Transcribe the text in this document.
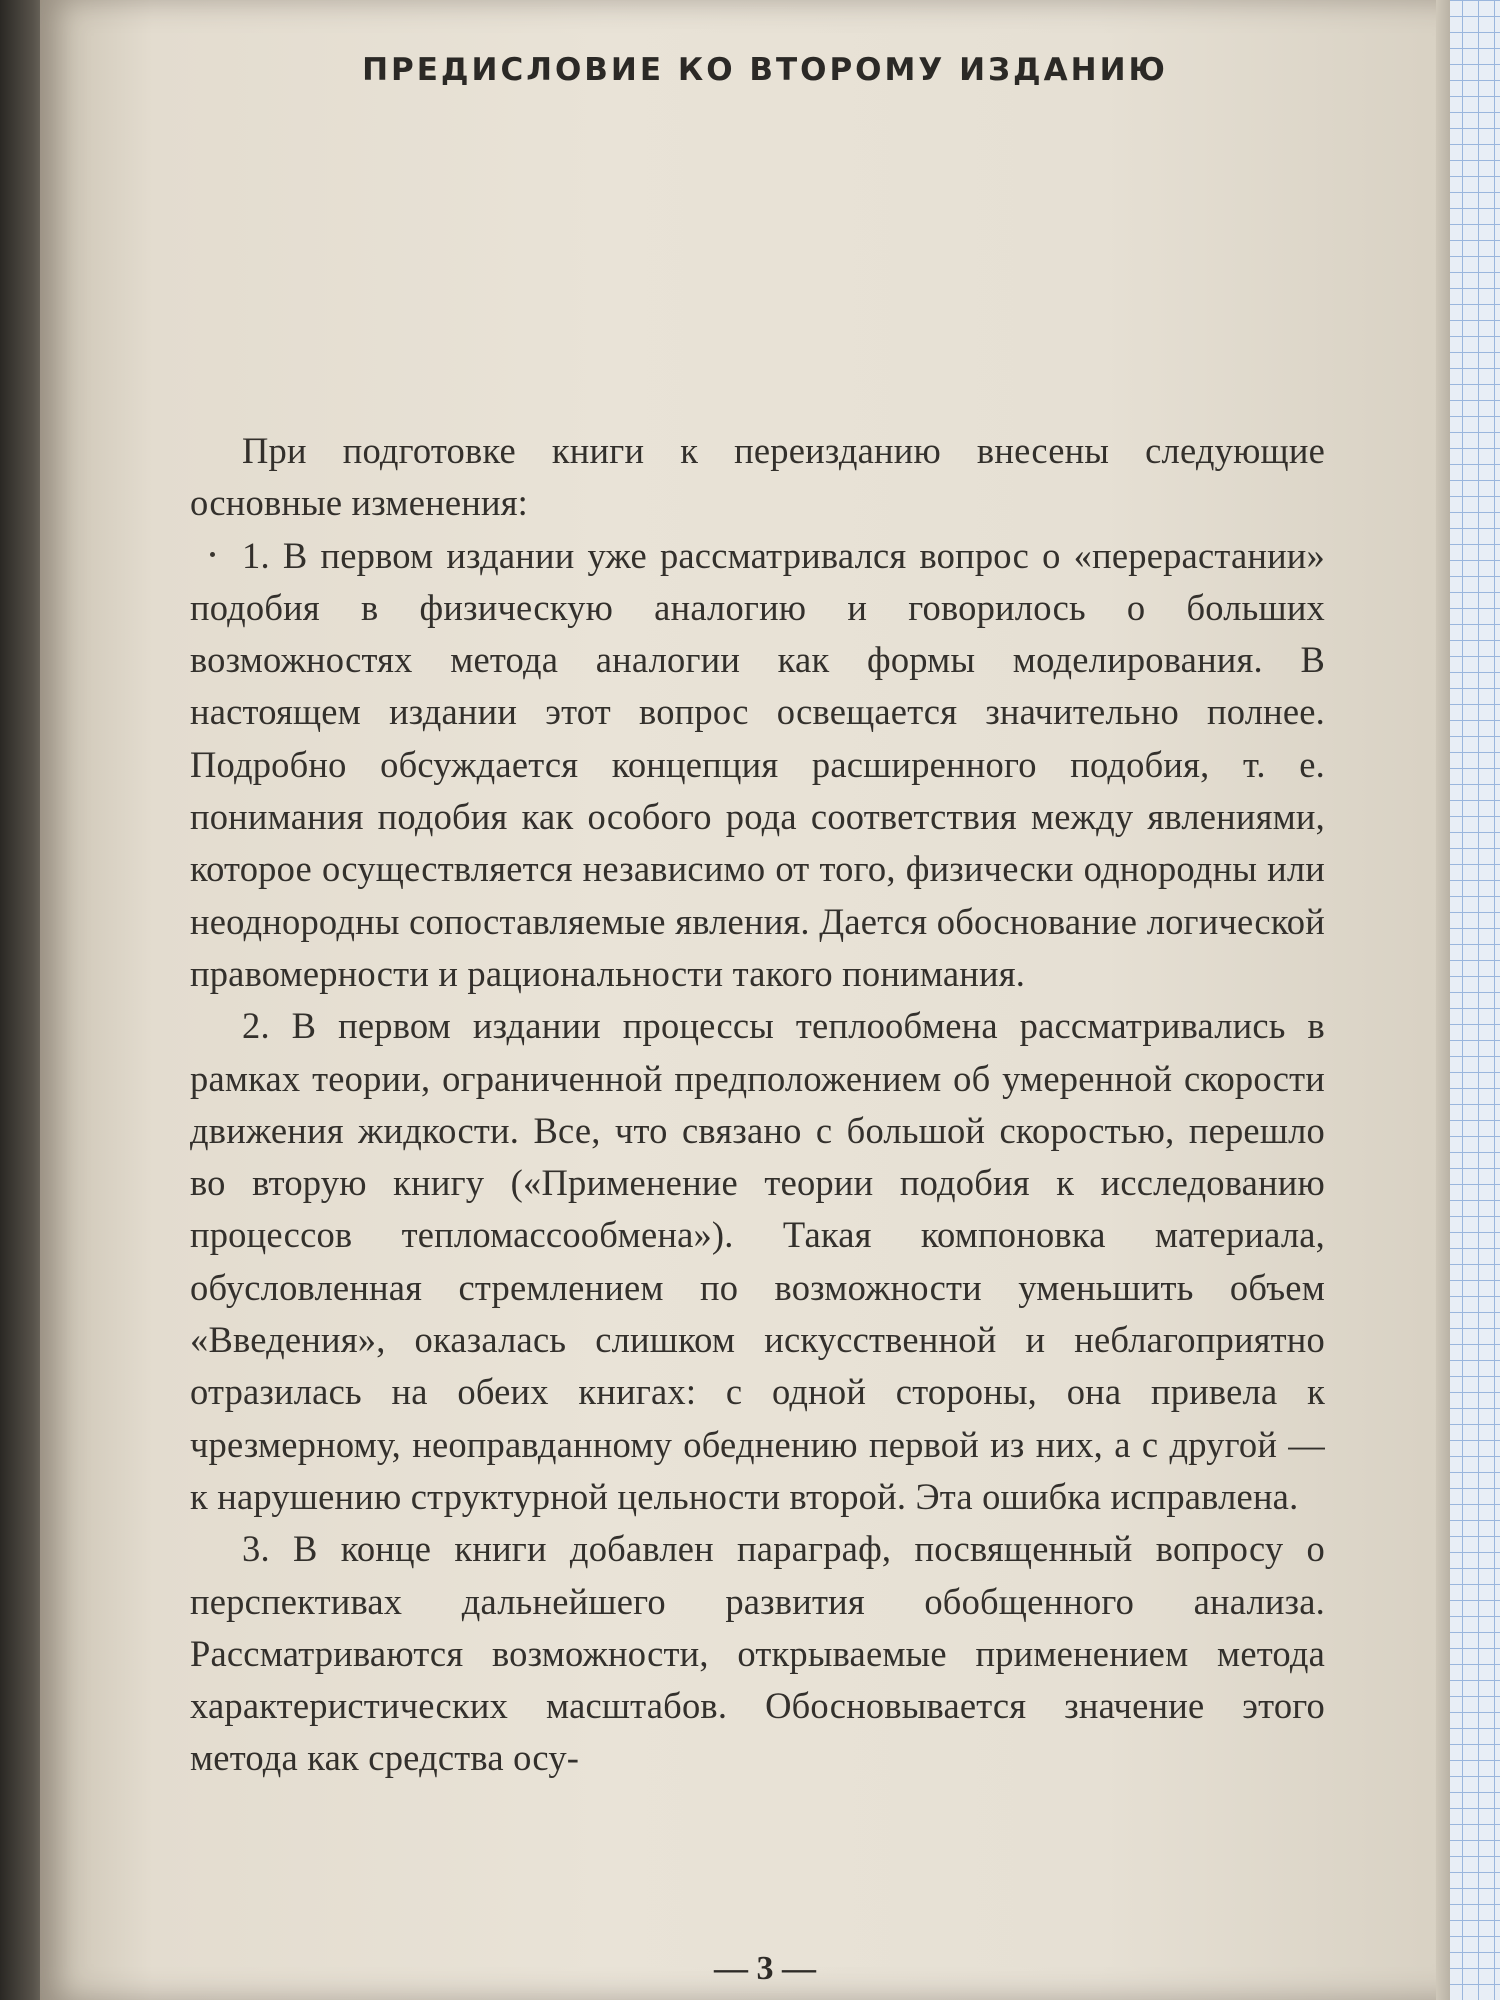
ПРЕДИСЛОВИЕ КО ВТОРОМУ ИЗДАНИЮ

При подготовке книги к переизданию внесены следующие основные изменения:

1. В первом издании уже рассматривался вопрос о «перерастании» подобия в физическую аналогию и говорилось о больших возможностях метода аналогии как формы моделирования. В настоящем издании этот вопрос освещается значительно полнее. Подробно обсуждается концепция расширенного подобия, т. е. понимания подобия как особого рода соответствия между явлениями, которое осуществляется независимо от того, физически однородны или неоднородны сопоставляемые явления. Дается обоснование логической правомерности и рациональности такого понимания.

2. В первом издании процессы теплообмена рассматривались в рамках теории, ограниченной предположением об умеренной скорости движения жидкости. Все, что связано с большой скоростью, перешло во вторую книгу («Применение теории подобия к исследованию процессов тепломассообмена»). Такая компоновка материала, обусловленная стремлением по возможности уменьшить объем «Введения», оказалась слишком искусственной и неблагоприятно отразилась на обеих книгах: с одной стороны, она привела к чрезмерному, неоправданному обеднению первой из них, а с другой — к нарушению структурной цельности второй. Эта ошибка исправлена.

3. В конце книги добавлен параграф, посвященный вопросу о перспективах дальнейшего развития обобщенного анализа. Рассматриваются возможности, открываемые применением метода характеристических масштабов. Обосновывается значение этого метода как средства осу-

— 3 —
